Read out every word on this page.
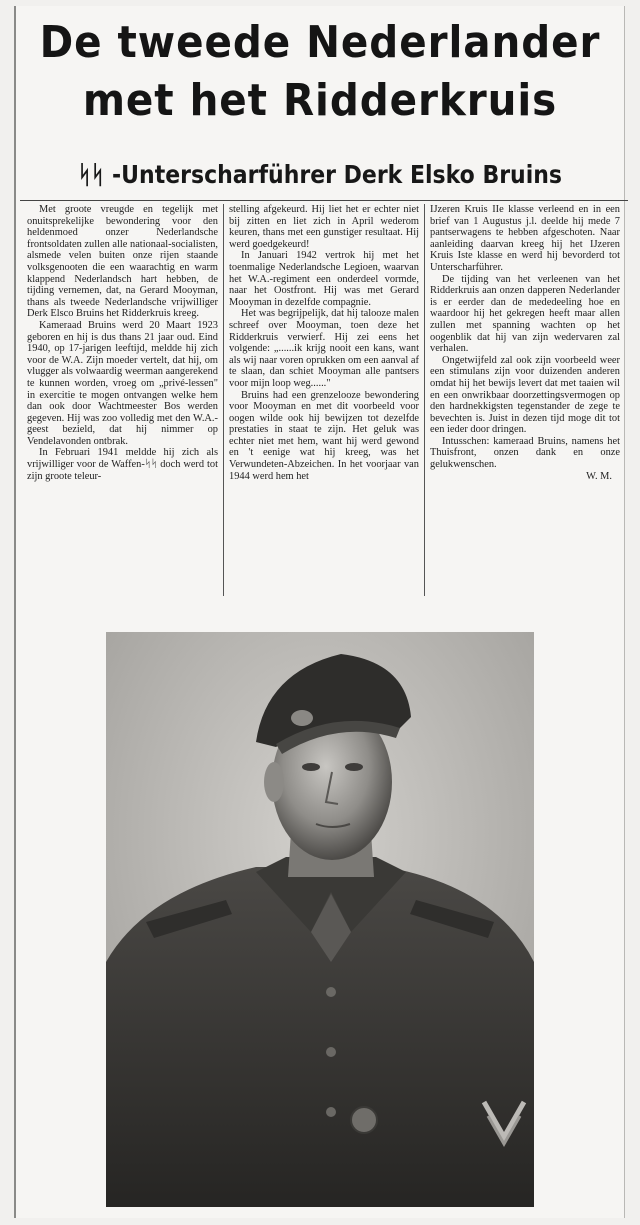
De tweede Nederlander
met het Ridderkruis
ᛋᛋ -Unterscharführer Derk Elsko Bruins

Met groote vreugde en tegelijk met onuitsprekelijke bewondering voor den heldenmoed onzer Nederlandsche frontsoldaten zullen alle nationaal-socialisten, alsmede velen buiten onze rijen staande volksgenooten die een waarachtig en warm klappend Nederlandsch hart hebben, de tijding vernemen, dat, na Gerard Mooyman, thans als tweede Nederlandsche vrijwilliger Derk Elsco Bruins het Ridderkruis kreeg.

Kameraad Bruins werd 20 Maart 1923 geboren en hij is dus thans 21 jaar oud. Eind 1940, op 17-jarigen leeftijd, meldde hij zich voor de W.A. Zijn moeder vertelt, dat hij, om vlugger als volwaardig weerman aangerekend te kunnen worden, vroeg om „privé-lessen" in exercitie te mogen ontvangen welke hem dan ook door Wachtmeester Bos werden gegeven. Hij was zoo volledig met den W.A.-geest bezield, dat hij nimmer op Vendelavonden ontbrak.

In Februari 1941 meldde hij zich als vrijwilliger voor de Waffen-ᛋᛋ doch werd tot zijn groote teleur-

stelling afgekeurd. Hij liet het er echter niet bij zitten en liet zich in April wederom keuren, thans met een gunstiger resultaat. Hij werd goedgekeurd!

In Januari 1942 vertrok hij met het toenmalige Nederlandsche Legioen, waarvan het W.A.-regiment een onderdeel vormde, naar het Oostfront. Hij was met Gerard Mooyman in dezelfde compagnie.

Het was begrijpelijk, dat hij talooze malen schreef over Mooyman, toen deze het Ridderkruis verwierf. Hij zei eens het volgende: „......ik krijg nooit een kans, want als wij naar voren oprukken om een aanval af te slaan, dan schiet Mooyman alle pantsers voor mijn loop weg......"

Bruins had een grenzelooze bewondering voor Mooyman en met dit voorbeeld voor oogen wilde ook hij bewijzen tot dezelfde prestaties in staat te zijn. Het geluk was echter niet met hem, want hij werd gewond en 't eenige wat hij kreeg, was het Verwundeten-Abzeichen. In het voorjaar van 1944 werd hem het

IJzeren Kruis IIe klasse verleend en in een brief van 1 Augustus j.l. deelde hij mede 7 pantserwagens te hebben afgeschoten. Naar aanleiding daarvan kreeg hij het IJzeren Kruis Iste klasse en werd hij bevorderd tot Unterscharführer.

De tijding van het verleenen van het Ridderkruis aan onzen dapperen Nederlander is er eerder dan de mededeeling hoe en waardoor hij het gekregen heeft maar allen zullen met spanning wachten op het oogenblik dat hij van zijn wedervaren zal verhalen.

Ongetwijfeld zal ook zijn voorbeeld weer een stimulans zijn voor duizenden anderen omdat hij het bewijs levert dat met taaien wil en een onwrikbaar doorzettingsvermogen op den hardnekkigsten tegenstander de zege te bevechten is. Juist in dezen tijd moge dit tot een ieder door dringen.

Intusschen: kameraad Bruins, namens het Thuisfront, onzen dank en onze gelukwenschen.

W. M.
